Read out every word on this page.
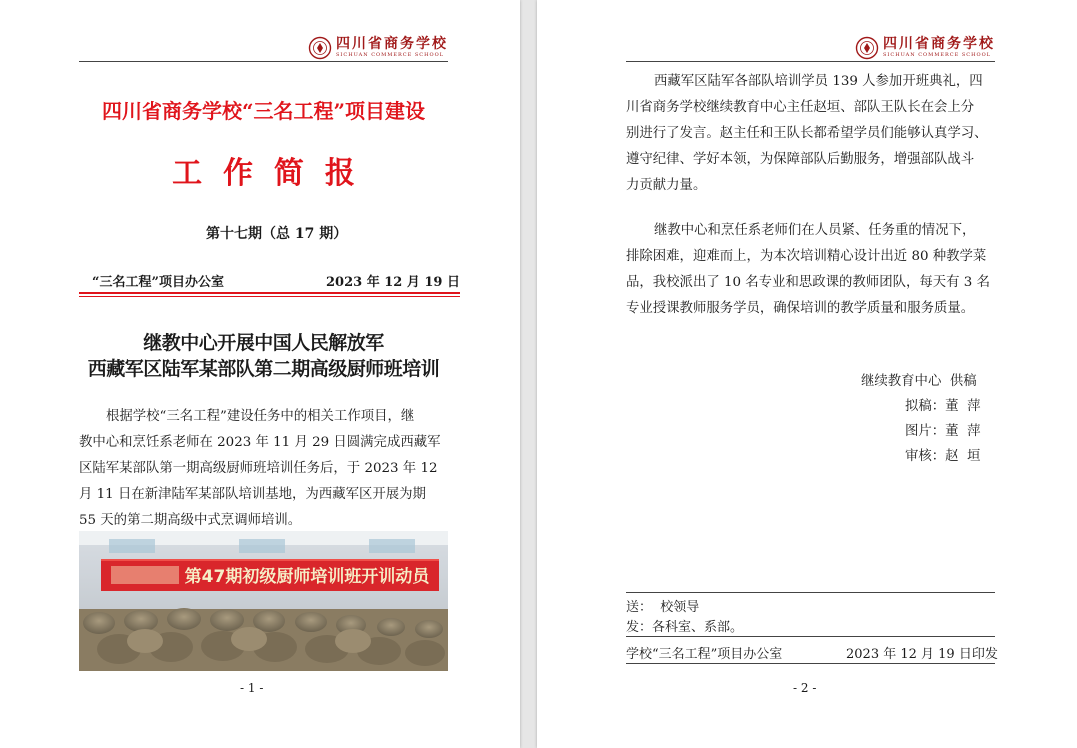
四川省商务学校
SICHUAN COMMERCE SCHOOL
四川省商务学校“三名工程”项目建设
工  作  简  报
第十七期（总 17 期）
“三名工程”项目办公室	2023 年 12 月 19 日
继教中心开展中国人民解放军
西藏军区陆军某部队第二期高级厨师班培训
根据学校“三名工程”建设任务中的相关工作项目，继
教中心和烹饪系老师在 2023 年 11 月 29 日圆满完成西藏军
区陆军某部队第一期高级厨师班培训任务后，于 2023 年 12
月 11 日在新津陆军某部队培训基地，为西藏军区开展为期
55 天的第二期高级中式烹调师培训。
第47期初级厨师培训班开训动员
- 1 -
四川省商务学校
SICHUAN COMMERCE SCHOOL
西藏军区陆军各部队培训学员 139 人参加开班典礼，四
川省商务学校继续教育中心主任赵垣、部队王队长在会上分
别进行了发言。赵主任和王队长都希望学员们能够认真学习、
遵守纪律、学好本领，为保障部队后勤服务，增强部队战斗
力贡献力量。
继教中心和烹任系老师们在人员紧、任务重的情况下，
排除困难，迎难而上，为本次培训精心设计出近 80 种教学菜
品，我校派出了 10 名专业和思政课的教师团队，每天有 3 名
专业授课教师服务学员，确保培训的教学质量和服务质量。
继续教育中心  供稿
拟稿：董  萍
图片：董  萍
审核：赵  垣
送：  校领导
发：各科室、系部。
学校“三名工程”项目办公室	2023 年 12 月 19 日印发
- 2 -
